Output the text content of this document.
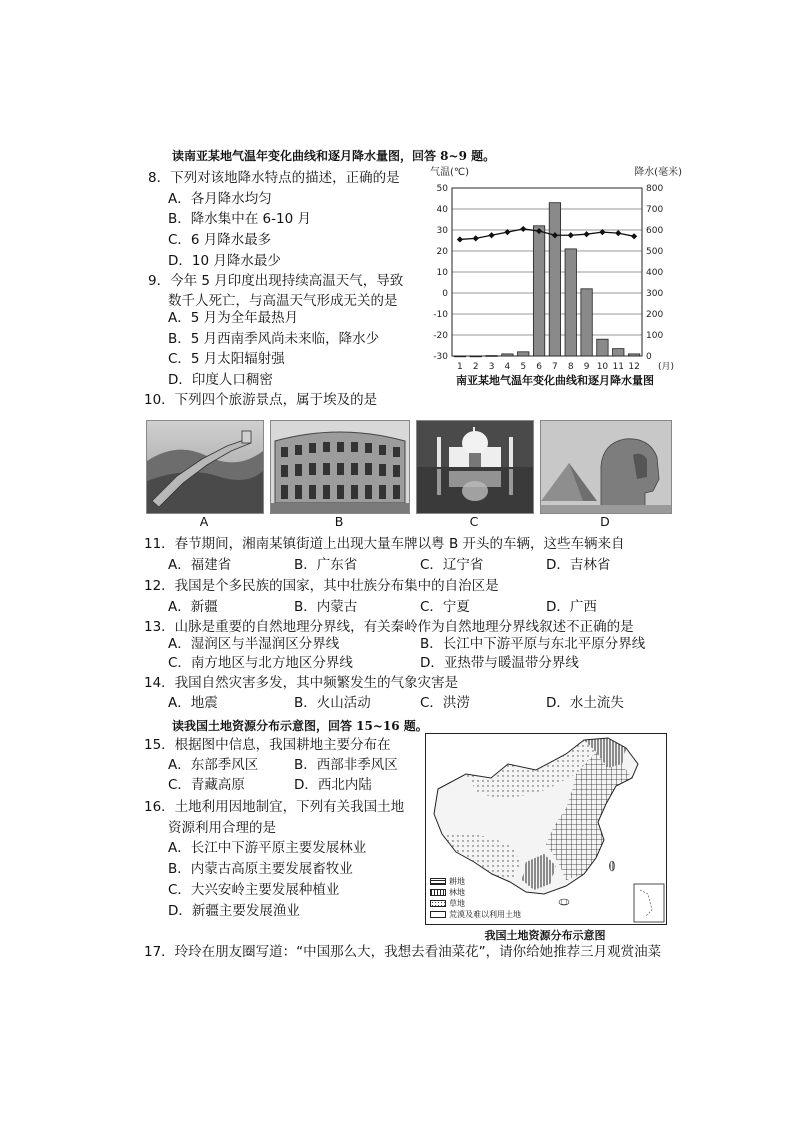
读南亚某地气温年变化曲线和逐月降水量图，回答 8~9 题。
8．下列对该地降水特点的描述，正确的是
A．各月降水均匀
B．降水集中在 6-10 月
C．6 月降水最多
D．10 月降水最少
9．今年 5 月印度出现持续高温天气，导致
数千人死亡，与高温天气形成无关的是
A．5 月为全年最热月
B．5 月西南季风尚未来临，降水少
C．5 月太阳辐射强
D．印度人口稠密
气温(℃)	降水(毫米)
(月)
南亚某地气温年变化曲线和逐月降水量图
50
40
30
20
10
0
-10
-20
-30
800
700
600
500
400
300
200
100
0
1 2 3 4 5 6 7 8 9 10 11 12
10．下列四个旅游景点，属于埃及的是
A	B	C	D
11．春节期间，湘南某镇街道上出现大量车牌以粤 B 开头的车辆，这些车辆来自
A．福建省	B．广东省	C．辽宁省	D．吉林省
12．我国是个多民族的国家，其中壮族分布集中的自治区是
A．新疆	B．内蒙古	C．宁夏	D．广西
13．山脉是重要的自然地理分界线，有关秦岭作为自然地理分界线叙述不正确的是
A．湿润区与半湿润区分界线	B．长江中下游平原与东北平原分界线
C．南方地区与北方地区分界线	D．亚热带与暖温带分界线
14．我国自然灾害多发，其中频繁发生的气象灾害是
A．地震	B．火山活动	C．洪涝	D．水土流失
读我国土地资源分布示意图，回答 15~16 题。
15．根据图中信息，我国耕地主要分布在
A．东部季风区	B．西部非季风区
C．青藏高原	D．西北内陆
16．土地利用因地制宜，下列有关我国土地
资源利用合理的是
A．长江中下游平原主要发展林业
B．内蒙古高原主要发展畜牧业
C．大兴安岭主要发展种植业
D．新疆主要发展渔业
耕地
林地
草地
荒漠及难以利用土地
我国土地资源分布示意图
17．玲玲在朋友圈写道：“中国那么大，我想去看油菜花”，请你给她推荐三月观赏油菜
